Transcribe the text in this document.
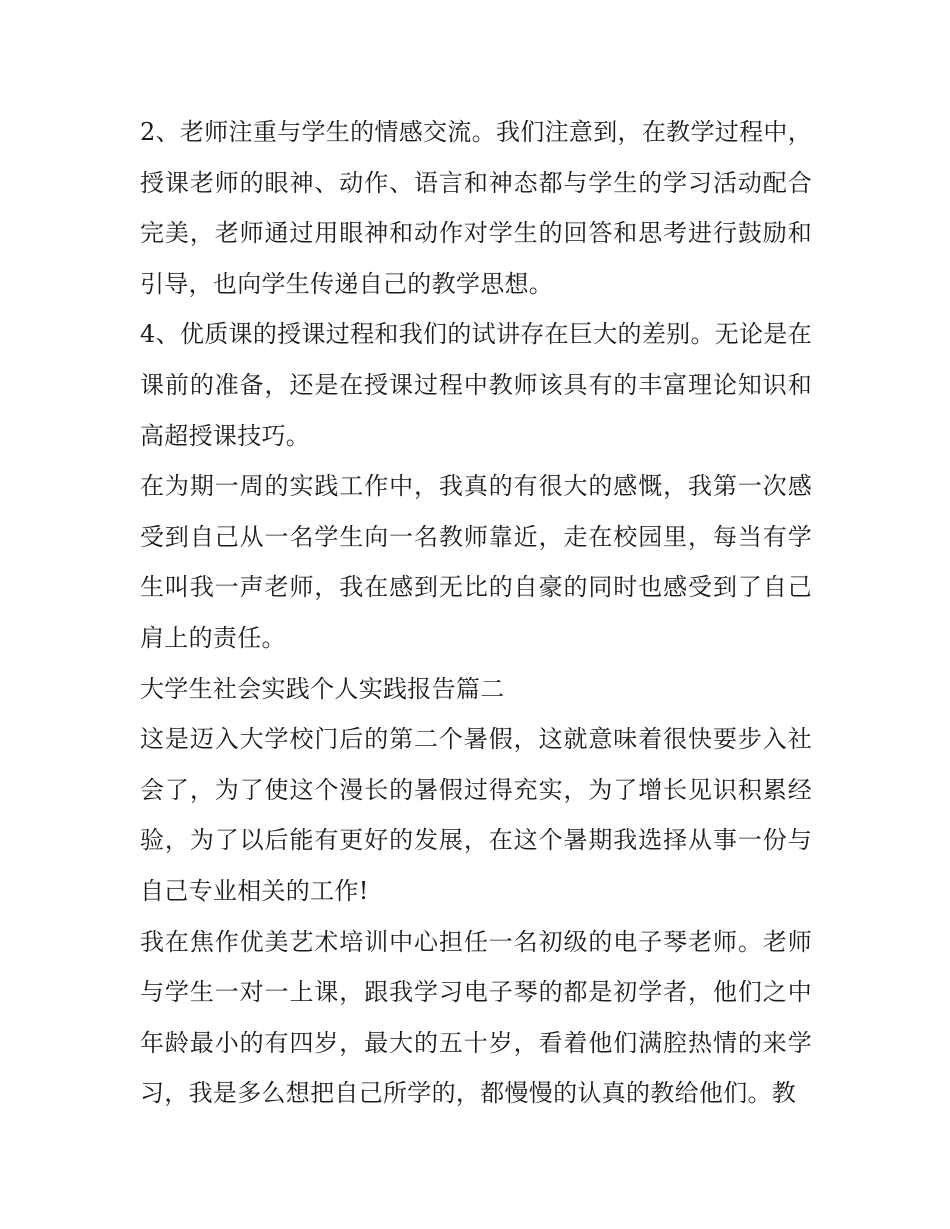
2、老师注重与学生的情感交流。我们注意到，在教学过程中，授课老师的眼神、动作、语言和神态都与学生的学习活动配合完美，老师通过用眼神和动作对学生的回答和思考进行鼓励和引导，也向学生传递自己的教学思想。

4、优质课的授课过程和我们的试讲存在巨大的差别。无论是在课前的准备，还是在授课过程中教师该具有的丰富理论知识和高超授课技巧。

在为期一周的实践工作中，我真的有很大的感慨，我第一次感受到自己从一名学生向一名教师靠近，走在校园里，每当有学生叫我一声老师，我在感到无比的自豪的同时也感受到了自己肩上的责任。

大学生社会实践个人实践报告篇二

这是迈入大学校门后的第二个暑假，这就意味着很快要步入社会了，为了使这个漫长的暑假过得充实，为了增长见识积累经验，为了以后能有更好的发展，在这个暑期我选择从事一份与自己专业相关的工作!

我在焦作优美艺术培训中心担任一名初级的电子琴老师。老师与学生一对一上课，跟我学习电子琴的都是初学者，他们之中年龄最小的有四岁，最大的五十岁，看着他们满腔热情的来学习，我是多么想把自己所学的，都慢慢的认真的教给他们。教
